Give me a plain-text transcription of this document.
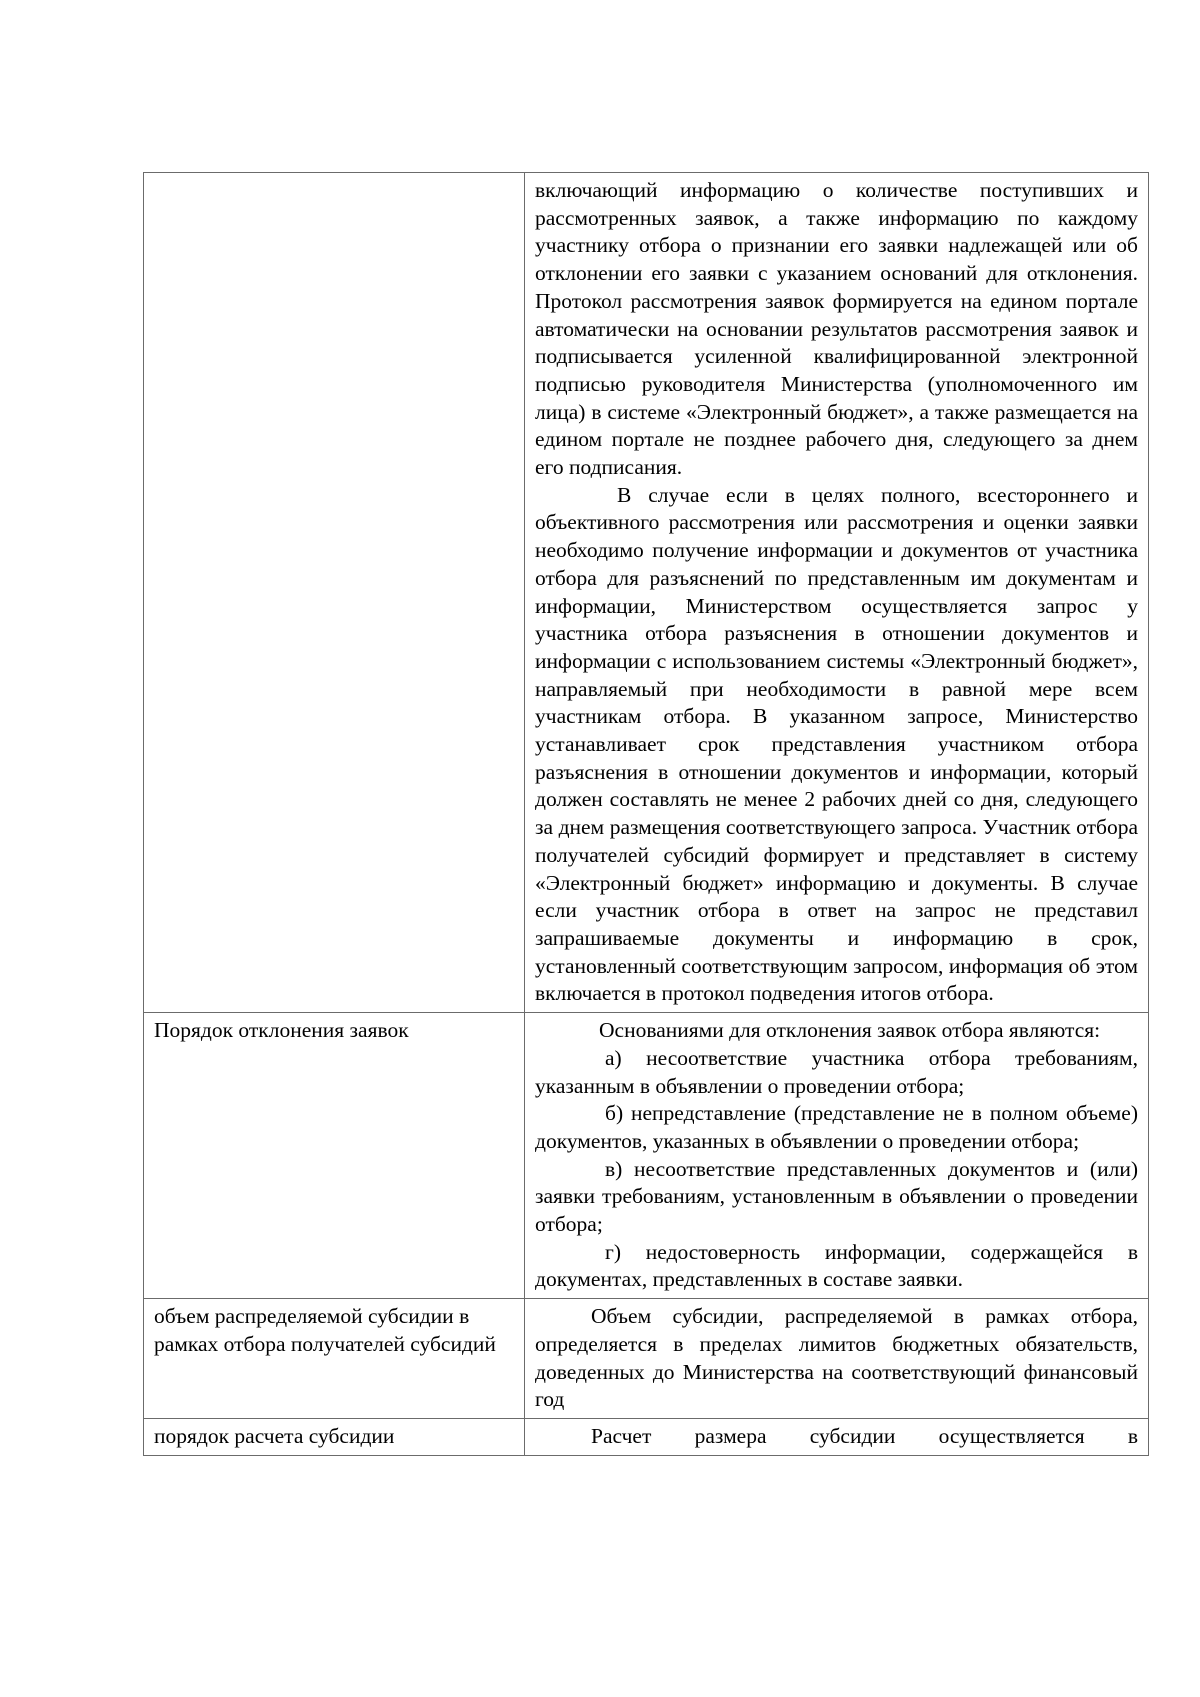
	включающий информацию о количестве поступивших и рассмотренных заявок, а также информацию по каждому участнику отбора о признании его заявки надлежащей или об отклонении его заявки с указанием оснований для отклонения. Протокол рассмотрения заявок формируется на едином портале автоматически на основании результатов рассмотрения заявок и подписывается усиленной квалифицированной электронной подписью руководителя Министерства (уполномоченного им лица) в системе «Электронный бюджет», а также размещается на едином портале не позднее рабочего дня, следующего за днем его подписания.

В случае если в целях полного, всестороннего и объективного рассмотрения или рассмотрения и оценки заявки необходимо получение информации и документов от участника отбора для разъяснений по представленным им документам и информации, Министерством осуществляется запрос у участника отбора разъяснения в отношении документов и информации с использованием системы «Электронный бюджет», направляемый при необходимости в равной мере всем участникам отбора. В указанном запросе, Министерство устанавливает срок представления участником отбора разъяснения в отношении документов и информации, который должен составлять не менее 2 рабочих дней со дня, следующего за днем размещения соответствующего запроса. Участник отбора получателей субсидий формирует и представляет в систему «Электронный бюджет» информацию и документы. В случае если участник отбора в ответ на запрос не представил запрашиваемые документы и информацию в срок, установленный соответствующим запросом, информация об этом включается в протокол подведения итогов отбора.

Порядок отклонения заявок	Основаниями для отклонения заявок отбора являются:

а) несоответствие участника отбора требованиям, указанным в объявлении о проведении отбора;

б) непредставление (представление не в полном объеме) документов, указанных в объявлении о проведении отбора;

в) несоответствие представленных документов и (или) заявки требованиям, установленным в объявлении о проведении отбора;

г) недостоверность информации, содержащейся в документах, представленных в составе заявки.

объем распределяемой субсидии в рамках отбора получателей субсидий	Объем субсидии, распределяемой в рамках отбора, определяется в пределах лимитов бюджетных обязательств, доведенных до Министерства на соответствующий финансовый год

порядок расчета субсидии	Расчет размера субсидии осуществляется в
